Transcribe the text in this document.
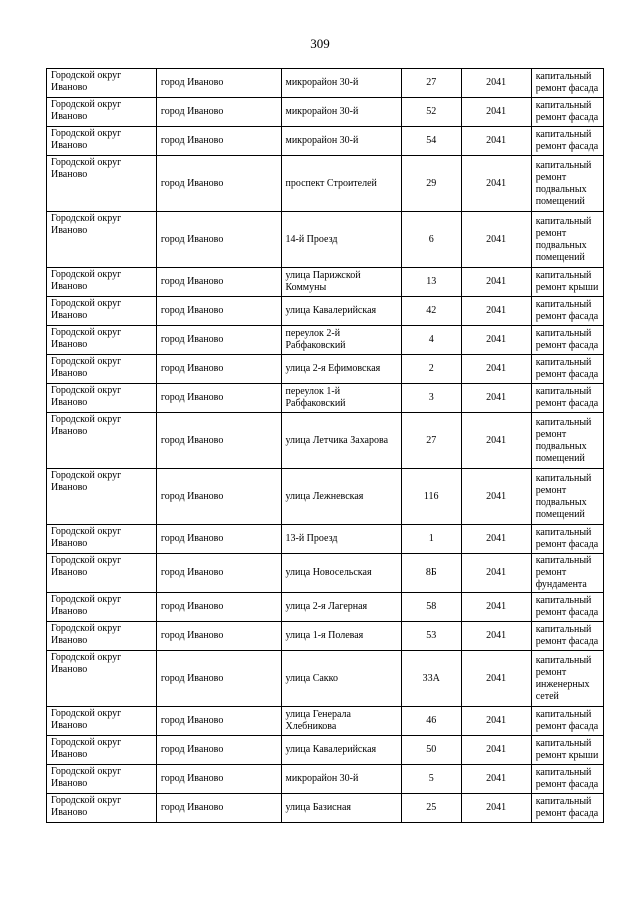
309
Городской округ Иваново	город Иваново	микрорайон 30-й	27	2041	капитальный ремонт фасада
Городской округ Иваново	город Иваново	микрорайон 30-й	52	2041	капитальный ремонт фасада
Городской округ Иваново	город Иваново	микрорайон 30-й	54	2041	капитальный ремонт фасада
Городской округ Иваново	город Иваново	проспект Строителей	29	2041	капитальный ремонт подвальных помещений
Городской округ Иваново	город Иваново	14-й Проезд	6	2041	капитальный ремонт подвальных помещений
Городской округ Иваново	город Иваново	улица Парижской Коммуны	13	2041	капитальный ремонт крыши
Городской округ Иваново	город Иваново	улица Кавалерийская	42	2041	капитальный ремонт фасада
Городской округ Иваново	город Иваново	переулок 2-й Рабфаковский	4	2041	капитальный ремонт фасада
Городской округ Иваново	город Иваново	улица 2-я Ефимовская	2	2041	капитальный ремонт фасада
Городской округ Иваново	город Иваново	переулок 1-й Рабфаковский	3	2041	капитальный ремонт фасада
Городской округ Иваново	город Иваново	улица Летчика Захарова	27	2041	капитальный ремонт подвальных помещений
Городской округ Иваново	город Иваново	улица Лежневская	116	2041	капитальный ремонт подвальных помещений
Городской округ Иваново	город Иваново	13-й Проезд	1	2041	капитальный ремонт фасада
Городской округ Иваново	город Иваново	улица Новосельская	8Б	2041	капитальный ремонт фундамента
Городской округ Иваново	город Иваново	улица 2-я Лагерная	58	2041	капитальный ремонт фасада
Городской округ Иваново	город Иваново	улица 1-я Полевая	53	2041	капитальный ремонт фасада
Городской округ Иваново	город Иваново	улица Сакко	33А	2041	капитальный ремонт инженерных сетей
Городской округ Иваново	город Иваново	улица Генерала Хлебникова	46	2041	капитальный ремонт фасада
Городской округ Иваново	город Иваново	улица Кавалерийская	50	2041	капитальный ремонт крыши
Городской округ Иваново	город Иваново	микрорайон 30-й	5	2041	капитальный ремонт фасада
Городской округ Иваново	город Иваново	улица Базисная	25	2041	капитальный ремонт фасада
